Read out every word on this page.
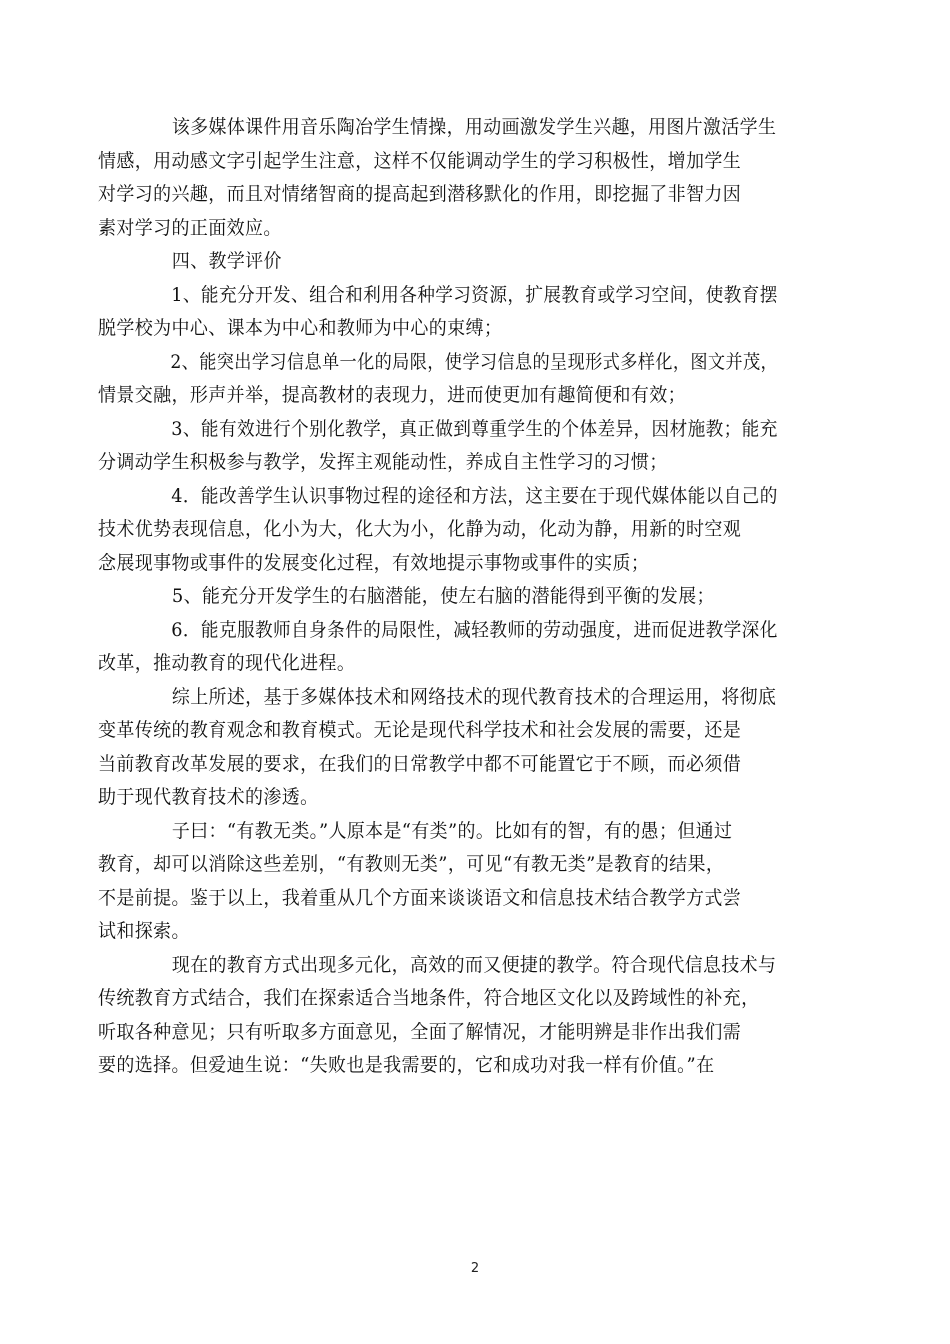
该多媒体课件用音乐陶冶学生情操，用动画激发学生兴趣，用图片激活学生
情感，用动感文字引起学生注意，这样不仅能调动学生的学习积极性，增加学生
对学习的兴趣，而且对情绪智商的提高起到潜移默化的作用，即挖掘了非智力因
素对学习的正面效应。

四、教学评价

1、能充分开发、组合和利用各种学习资源，扩展教育或学习空间，使教育摆
脱学校为中心、课本为中心和教师为中心的束缚；

2、能突出学习信息单一化的局限，使学习信息的呈现形式多样化，图文并茂，
情景交融，形声并举，提高教材的表现力，进而使更加有趣简便和有效；

3、能有效进行个别化教学，真正做到尊重学生的个体差异，因材施教；能充
分调动学生积极参与教学，发挥主观能动性，养成自主性学习的习惯；

4．能改善学生认识事物过程的途径和方法，这主要在于现代媒体能以自己的
技术优势表现信息，化小为大，化大为小，化静为动，化动为静，用新的时空观
念展现事物或事件的发展变化过程，有效地提示事物或事件的实质；

5、能充分开发学生的右脑潜能，使左右脑的潜能得到平衡的发展；

6．能克服教师自身条件的局限性，减轻教师的劳动强度，进而促进教学深化
改革，推动教育的现代化进程。

综上所述，基于多媒体技术和网络技术的现代教育技术的合理运用，将彻底
变革传统的教育观念和教育模式。无论是现代科学技术和社会发展的需要，还是
当前教育改革发展的要求，在我们的日常教学中都不可能置它于不顾，而必须借
助于现代教育技术的渗透。

子曰：“有教无类。”人原本是“有类”的。比如有的智，有的愚；但通过
教育，却可以消除这些差别，“有教则无类”，可见“有教无类”是教育的结果，
不是前提。鉴于以上，我着重从几个方面来谈谈语文和信息技术结合教学方式尝
试和探索。

现在的教育方式出现多元化，高效的而又便捷的教学。符合现代信息技术与
传统教育方式结合，我们在探索适合当地条件，符合地区文化以及跨域性的补充，
听取各种意见；只有听取多方面意见，全面了解情况，才能明辨是非作出我们需
要的选择。但爱迪生说：“失败也是我需要的，它和成功对我一样有价值。”在

2
